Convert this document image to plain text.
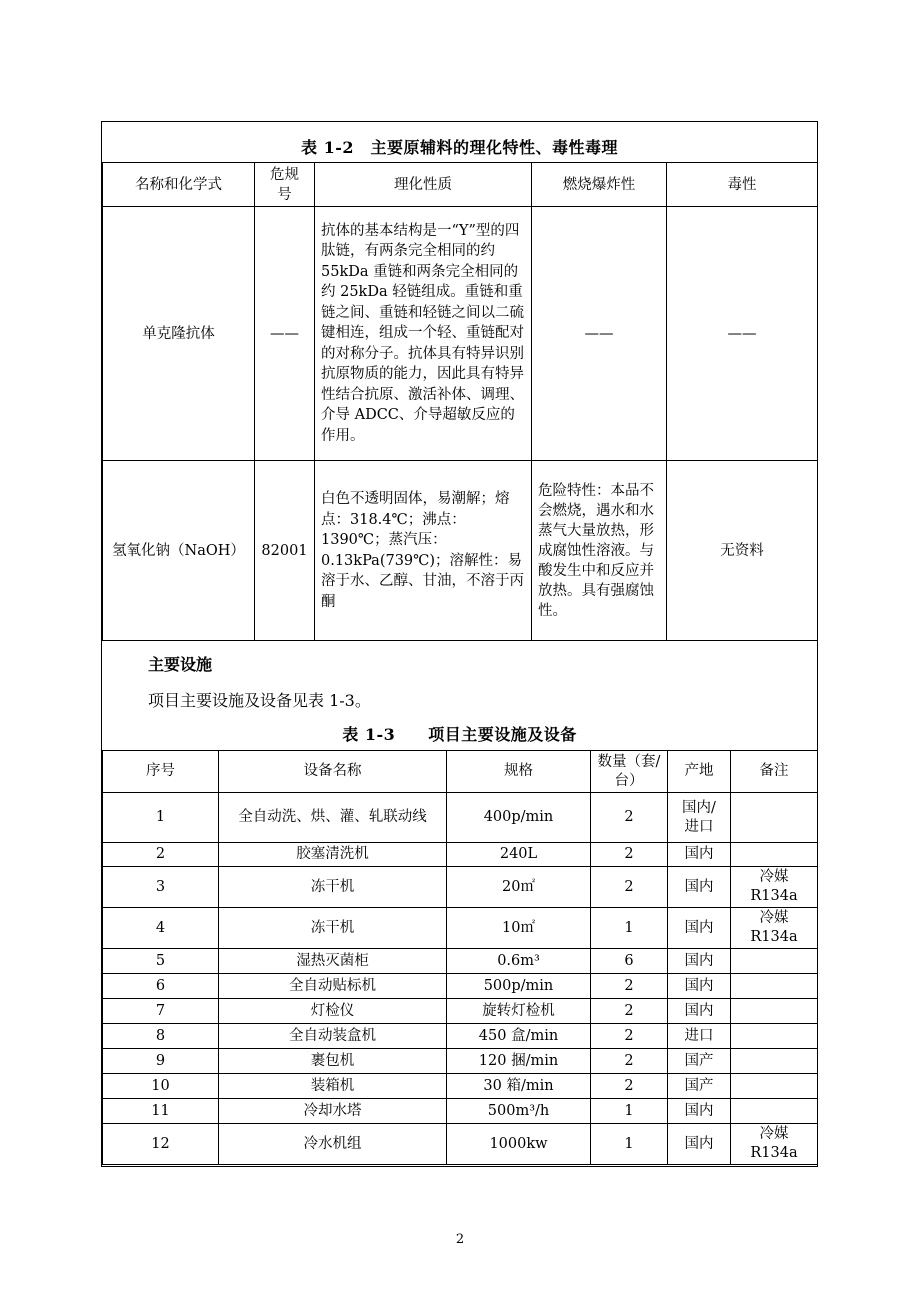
表 1-2　主要原辅料的理化特性、毒性毒理
名称和化学式	危规号	理化性质	燃烧爆炸性	毒性
单克隆抗体	——	抗体的基本结构是一“Y”型的四肽链，有两条完全相同的约 55kDa 重链和两条完全相同的约 25kDa 轻链组成。重链和重链之间、重链和轻链之间以二硫键相连，组成一个轻、重链配对的对称分子。抗体具有特异识别抗原物质的能力，因此具有特异性结合抗原、激活补体、调理、介导 ADCC、介导超敏反应的作用。	——	——
氢氧化钠（NaOH）	82001	白色不透明固体，易潮解；熔点：318.4℃；沸点：1390℃；蒸汽压：0.13kPa(739℃)；溶解性：易溶于水、乙醇、甘油，不溶于丙酮	危险特性：本品不会燃烧，遇水和水蒸气大量放热，形成腐蚀性溶液。与酸发生中和反应并放热。具有强腐蚀性。	无资料
主要设施
项目主要设施及设备见表 1-3。
表 1-3　　项目主要设施及设备
序号	设备名称	规格	数量（套/台）	产地	备注
1	全自动洗、烘、灌、轧联动线	400p/min	2	国内/进口	
2	胶塞清洗机	240L	2	国内	
3	冻干机	20㎡	2	国内	冷媒 R134a
4	冻干机	10㎡	1	国内	冷媒 R134a
5	湿热灭菌柜	0.6m³	6	国内	
6	全自动贴标机	500p/min	2	国内	
7	灯检仪	旋转灯检机	2	国内	
8	全自动装盒机	450 盒/min	2	进口	
9	裹包机	120 捆/min	2	国产	
10	装箱机	30 箱/min	2	国产	
11	冷却水塔	500m³/h	1	国内	
12	冷水机组	1000kw	1	国内	冷媒 R134a
2
